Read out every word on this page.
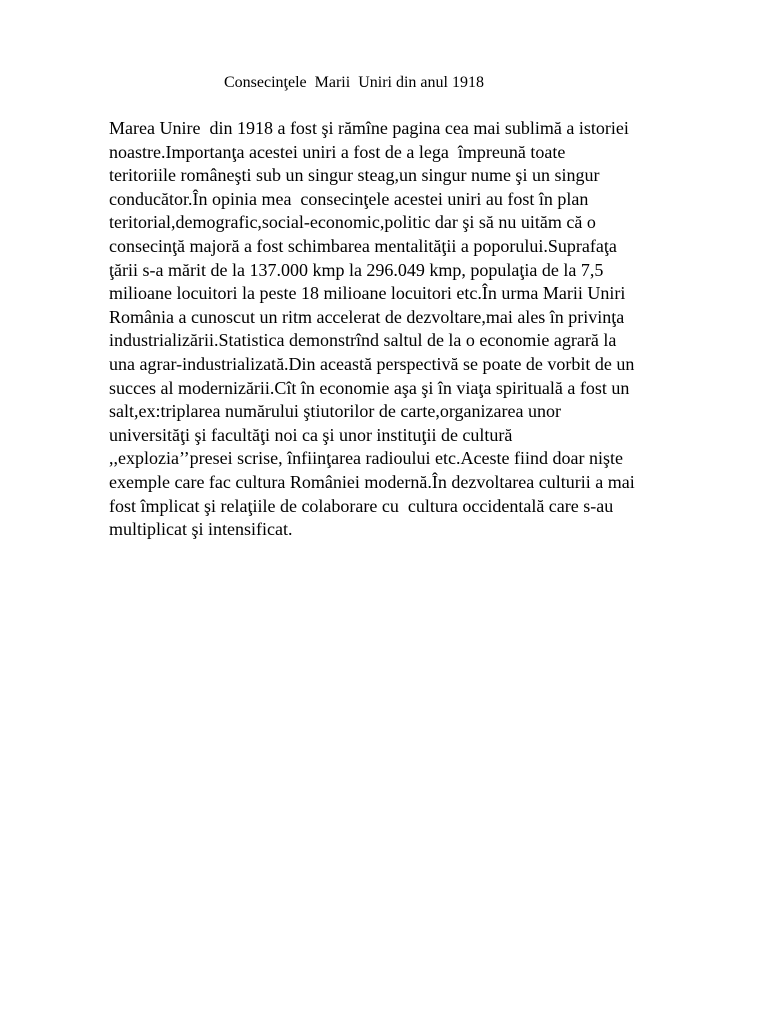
Consecinţele  Marii  Uniri din anul 1918
Marea Unire  din 1918 a fost şi rămîne pagina cea mai sublimă a istoriei
noastre.Importanţa acestei uniri a fost de a lega  împreună toate
teritoriile româneşti sub un singur steag,un singur nume şi un singur
conducător.În opinia mea  consecinţele acestei uniri au fost în plan
teritorial,demografic,social-economic,politic dar şi să nu uităm că o
consecinţă majoră a fost schimbarea mentalităţii a poporului.Suprafaţa
ţării s-a mărit de la 137.000 kmp la 296.049 kmp, populaţia de la 7,5
milioane locuitori la peste 18 milioane locuitori etc.În urma Marii Uniri
România a cunoscut un ritm accelerat de dezvoltare,mai ales în privinţa
industrializării.Statistica demonstrînd saltul de la o economie agrară la
una agrar-industrializată.Din această perspectivă se poate de vorbit de un
succes al modernizării.Cît în economie aşa şi în viaţa spirituală a fost un
salt,ex:triplarea numărului ştiutorilor de carte,organizarea unor
universităţi şi facultăţi noi ca şi unor instituţii de cultură
,,explozia’’presei scrise, înfiinţarea radioului etc.Aceste fiind doar nişte
exemple care fac cultura României modernă.În dezvoltarea culturii a mai
fost împlicat şi relaţiile de colaborare cu  cultura occidentală care s-au
multiplicat şi intensificat.
